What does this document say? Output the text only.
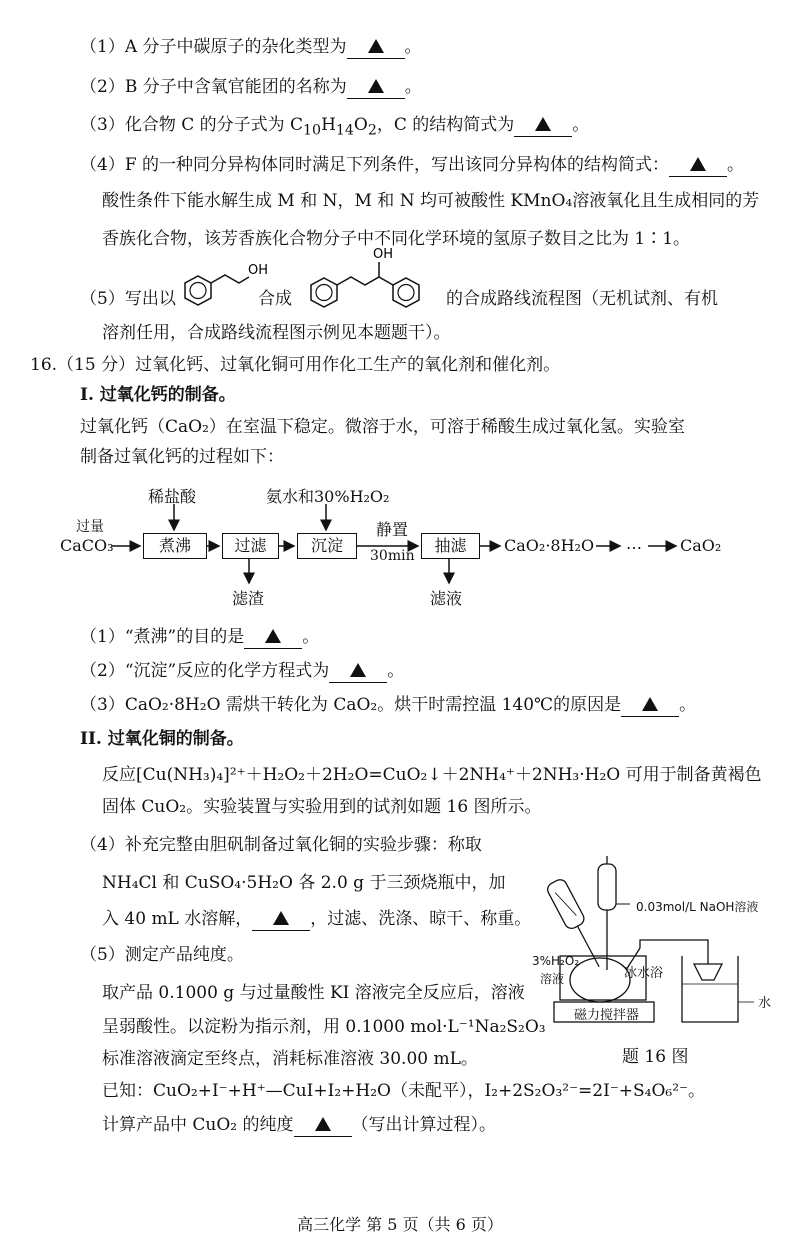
（1）A 分子中碳原子的杂化类型为	。
（2）B 分子中含氧官能团的名称为	。
（3）化合物 C 的分子式为 $C_{10}H_{14}O_2$，C 的结构简式为	。
（4）F 的一种同分异构体同时满足下列条件，写出该同分异构体的结构简式：	。
酸性条件下能水解生成 M 和 N，M 和 N 均可被酸性 KMnO₄溶液氧化且生成相同的芳
香族化合物，该芳香族化合物分子中不同化学环境的氢原子数目之比为 1∶1。
（5）写出以
OH
合成
OH
的合成路线流程图（无机试剂、有机
溶剂任用，合成路线流程图示例见本题题干）。
16.（15 分）过氧化钙、过氧化铜可用作化工生产的氧化剂和催化剂。
I. 过氧化钙的制备。
过氧化钙（CaO₂）在室温下稳定。微溶于水，可溶于稀酸生成过氧化氢。实验室
制备过氧化钙的过程如下：
过量
CaCO₃
稀盐酸	氨水和30%H₂O₂
煮沸	过滤	沉淀
静置
30min
抽滤	CaO₂·8H₂O … CaO₂
滤渣	滤液
（1）“煮沸”的目的是	。
（2）“沉淀”反应的化学方程式为	。
（3）CaO₂·8H₂O 需烘干转化为 CaO₂。烘干时需控温 140℃的原因是	。
II. 过氧化铜的制备。
反应[Cu(NH₃)₄]²⁺＋H₂O₂＋2H₂O=CuO₂↓＋2NH₄⁺＋2NH₃·H₂O 可用于制备黄褐色
固体 CuO₂。实验装置与实验用到的试剂如题 16 图所示。
（4）补充完整由胆矾制备过氧化铜的实验步骤：称取
NH₄Cl 和 CuSO₄·5H₂O 各 2.0 g 于三颈烧瓶中，加
入 40 mL 水溶解，	，过滤、洗涤、晾干、称重。
（5）测定产品纯度。
取产品 0.1000 g 与过量酸性 KI 溶液完全反应后，溶液
呈弱酸性。以淀粉为指示剂，用 0.1000 mol·L⁻¹Na₂S₂O₃
标准溶液滴定至终点，消耗标准溶液 30.00 mL。
已知：CuO₂+I⁻+H⁺—CuI+I₂+H₂O（未配平），I₂+2S₂O₃²⁻=2I⁻+S₄O₆²⁻。
计算产品中 CuO₂ 的纯度	（写出计算过程）。
0.03mol/L NaOH溶液
3%H₂O₂
溶液	冰水浴
磁力搅拌器
水
题 16 图
高三化学 第 5 页（共 6 页）
